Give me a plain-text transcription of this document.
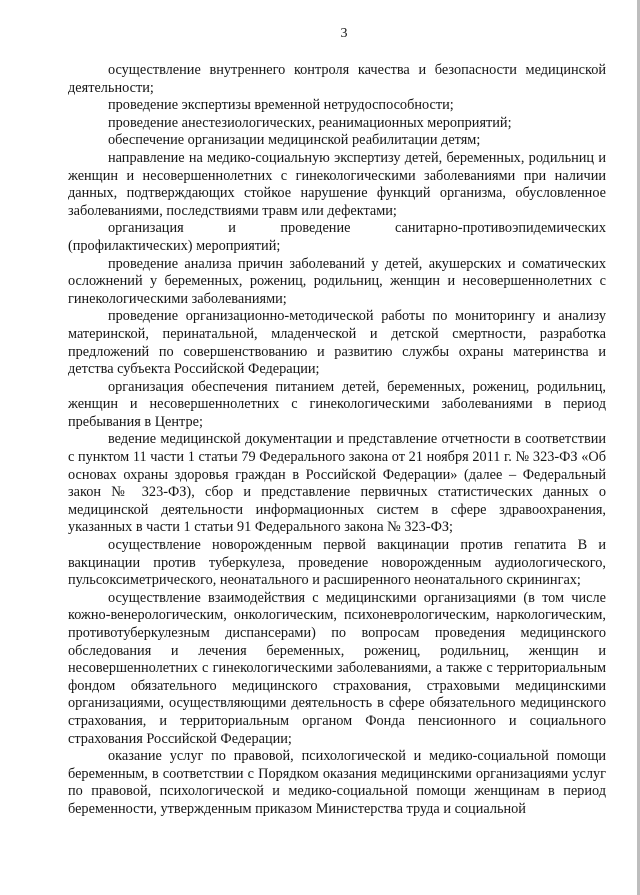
3

осуществление внутреннего контроля качества и безопасности медицинской деятельности;

проведение экспертизы временной нетрудоспособности;

проведение анестезиологических, реанимационных мероприятий;

обеспечение организации медицинской реабилитации детям;

направление на медико-социальную экспертизу детей, беременных, родильниц и женщин и несовершеннолетних с гинекологическими заболеваниями при наличии данных, подтверждающих стойкое нарушение функций организма, обусловленное заболеваниями, последствиями травм или дефектами;

организация и проведение санитарно-противоэпидемических (профилактических) мероприятий;

проведение анализа причин заболеваний у детей, акушерских и соматических осложнений у беременных, рожениц, родильниц, женщин и несовершеннолетних с гинекологическими заболеваниями;

проведение организационно-методической работы по мониторингу и анализу материнской, перинатальной, младенческой и детской смертности, разработка предложений по совершенствованию и развитию службы охраны материнства и детства субъекта Российской Федерации;

организация обеспечения питанием детей, беременных, рожениц, родильниц, женщин и несовершеннолетних с гинекологическими заболеваниями в период пребывания в Центре;

ведение медицинской документации и представление отчетности в соответствии с пунктом 11 части 1 статьи 79 Федерального закона от 21 ноября 2011 г. № 323-ФЗ «Об основах охраны здоровья граждан в Российской Федерации» (далее – Федеральный закон № 323-ФЗ), сбор и представление первичных статистических данных о медицинской деятельности информационных систем в сфере здравоохранения, указанных в части 1 статьи 91 Федерального закона № 323-ФЗ;

осуществление новорожденным первой вакцинации против гепатита В и вакцинации против туберкулеза, проведение новорожденным аудиологического, пульсоксиметрического, неонатального и расширенного неонатального скринингах;

осуществление взаимодействия с медицинскими организациями (в том числе кожно-венерологическим, онкологическим, психоневрологическим, наркологическим, противотуберкулезным диспансерами) по вопросам проведения медицинского обследования и лечения беременных, рожениц, родильниц, женщин и несовершеннолетних с гинекологическими заболеваниями, а также с территориальным фондом обязательного медицинского страхования, страховыми медицинскими организациями, осуществляющими деятельность в сфере обязательного медицинского страхования, и территориальным органом Фонда пенсионного и социального страхования Российской Федерации;

оказание услуг по правовой, психологической и медико-социальной помощи беременным, в соответствии с Порядком оказания медицинскими организациями услуг по правовой, психологической и медико-социальной помощи женщинам в период беременности, утвержденным приказом Министерства труда и социальной
